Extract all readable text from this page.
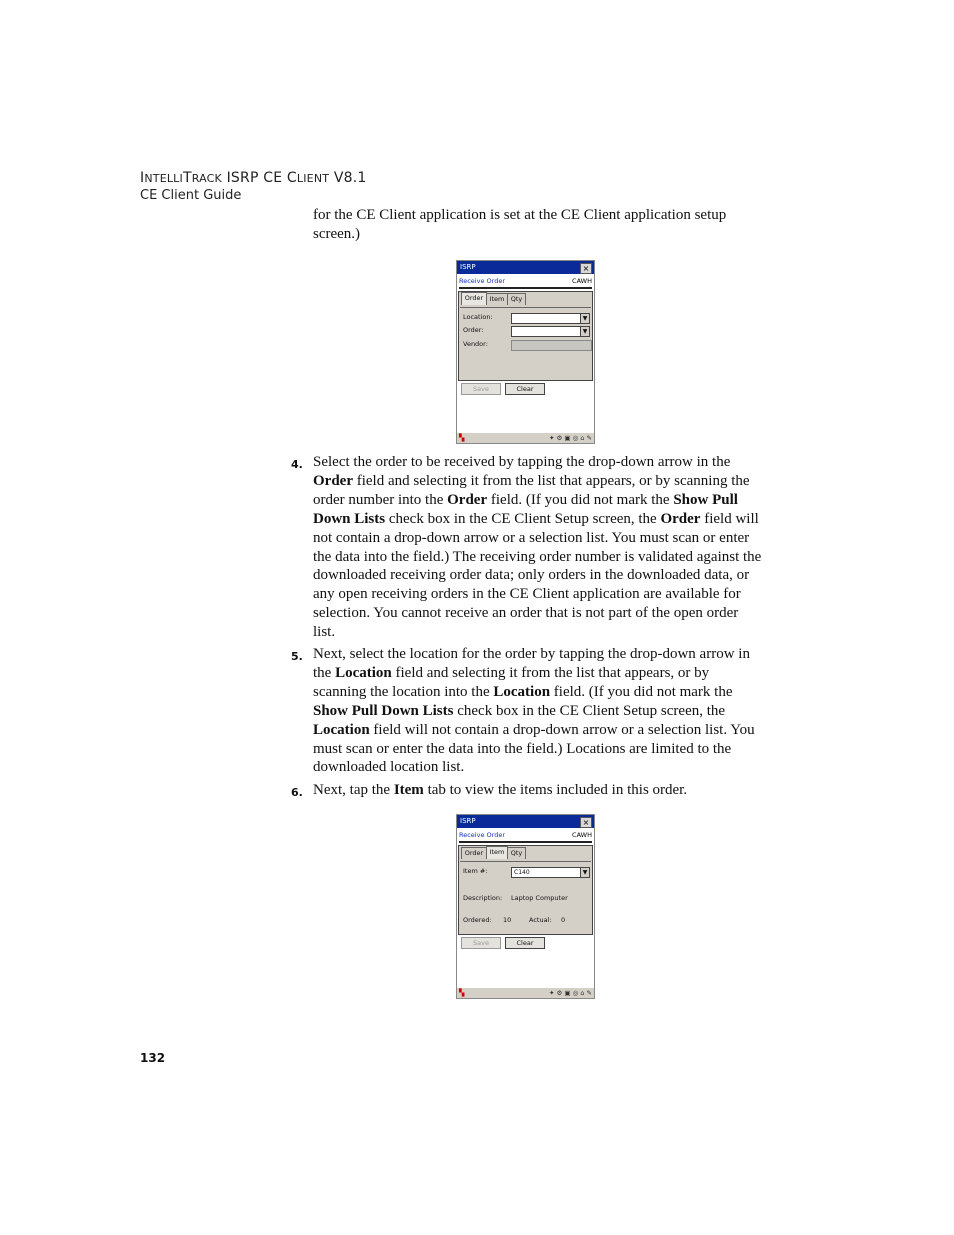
INTELLITRACK ISRP CE CLIENT V8.1
CE Client Guide
for the CE Client application is set at the CE Client application setup screen.)
ISRP	×
Receive Order	CAWH
Order Item Qty
Location:	▼
Order:	▼
Vendor:
Save	Clear
▚	✦ ⚙ ▣ ◎ ⌂ ✎
4. Select the order to be received by tapping the drop-down arrow in the Order field and selecting it from the list that appears, or by scanning the order number into the Order field. (If you did not mark the Show Pull Down Lists check box in the CE Client Setup screen, the Order field will not contain a drop-down arrow or a selection list. You must scan or enter the data into the field.) The receiving order number is validated against the downloaded receiving order data; only orders in the downloaded data, or any open receiving orders in the CE Client application are available for selection. You cannot receive an order that is not part of the open order list.
5. Next, select the location for the order by tapping the drop-down arrow in the Location field and selecting it from the list that appears, or by scanning the location into the Location field. (If you did not mark the Show Pull Down Lists check box in the CE Client Setup screen, the Location field will not contain a drop-down arrow or a selection list. You must scan or enter the data into the field.) Locations are limited to the downloaded location list.
6. Next, tap the Item tab to view the items included in this order.
ISRP	×
Receive Order	CAWH
Order Item Qty
Item #:	C140	▼
Description: Laptop Computer
Ordered: 10	Actual: 0
Save	Clear
▚	✦ ⚙ ▣ ◎ ⌂ ✎
132
